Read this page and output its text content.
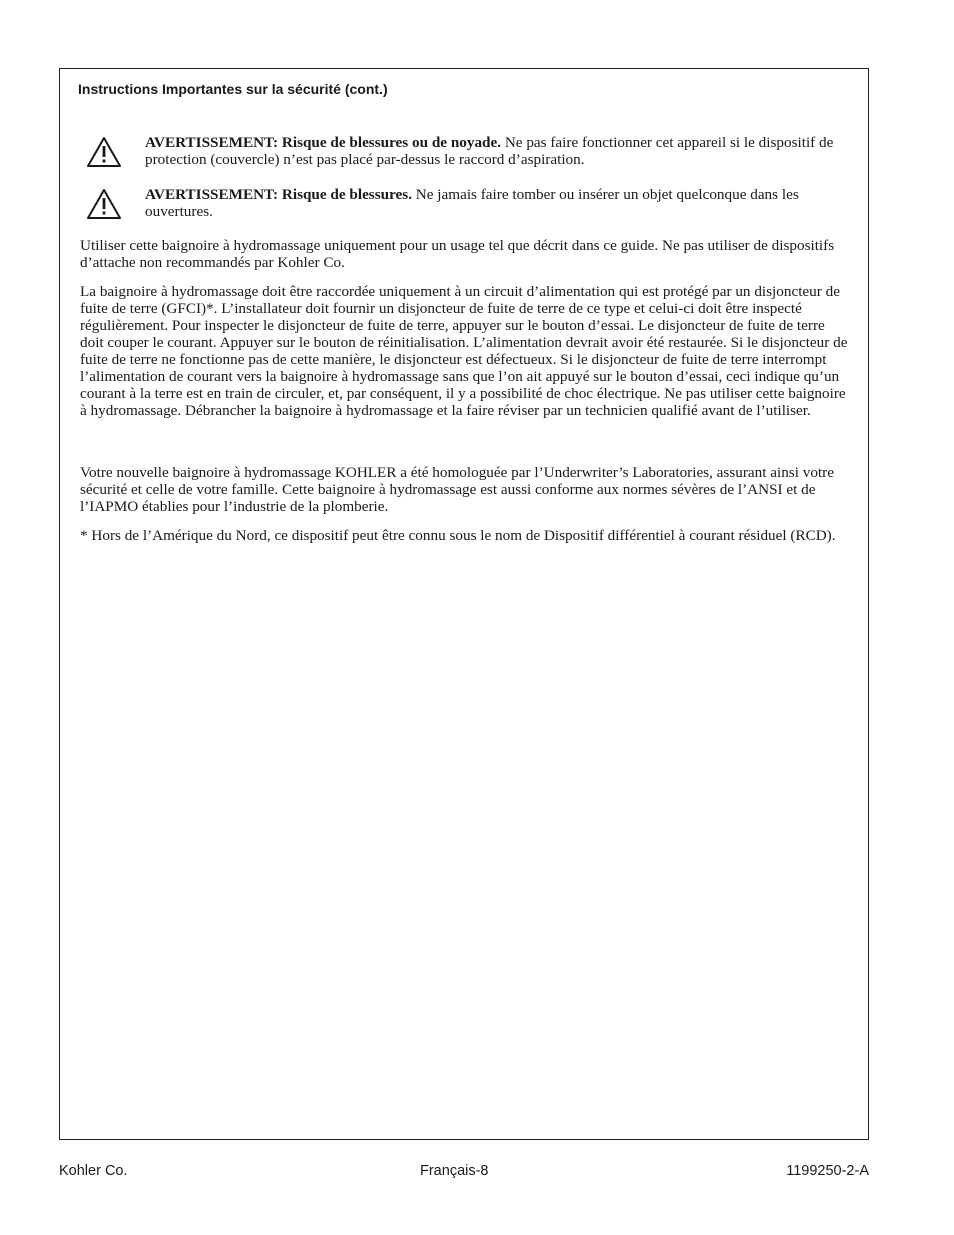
Instructions Importantes sur la sécurité (cont.)

AVERTISSEMENT: Risque de blessures ou de noyade. Ne pas faire fonctionner cet appareil si le dispositif de protection (couvercle) n’est pas placé par-dessus le raccord d’aspiration.

AVERTISSEMENT: Risque de blessures. Ne jamais faire tomber ou insérer un objet quelconque dans les ouvertures.

Utiliser cette baignoire à hydromassage uniquement pour un usage tel que décrit dans ce guide. Ne pas utiliser de dispositifs d’attache non recommandés par Kohler Co.

La baignoire à hydromassage doit être raccordée uniquement à un circuit d’alimentation qui est protégé par un disjoncteur de fuite de terre (GFCI)*. L’installateur doit fournir un disjoncteur de fuite de terre de ce type et celui-ci doit être inspecté régulièrement. Pour inspecter le disjoncteur de fuite de terre, appuyer sur le bouton d’essai. Le disjoncteur de fuite de terre doit couper le courant. Appuyer sur le bouton de réinitialisation. L’alimentation devrait avoir été restaurée. Si le disjoncteur de fuite de terre ne fonctionne pas de cette manière, le disjoncteur est défectueux. Si le disjoncteur de fuite de terre interrompt l’alimentation de courant vers la baignoire à hydromassage sans que l’on ait appuyé sur le bouton d’essai, ceci indique qu’un courant à la terre est en train de circuler, et, par conséquent, il y a possibilité de choc électrique. Ne pas utiliser cette baignoire à hydromassage. Débrancher la baignoire à hydromassage et la faire réviser par un technicien qualifié avant de l’utiliser.

Votre nouvelle baignoire à hydromassage KOHLER a été homologuée par l’Underwriter’s Laboratories, assurant ainsi votre sécurité et celle de votre famille. Cette baignoire à hydromassage est aussi conforme aux normes sévères de l’ANSI et de l’IAPMO établies pour l’industrie de la plomberie.

* Hors de l’Amérique du Nord, ce dispositif peut être connu sous le nom de Dispositif différentiel à courant résiduel (RCD).

Kohler Co.	Français-8	1199250-2-A
